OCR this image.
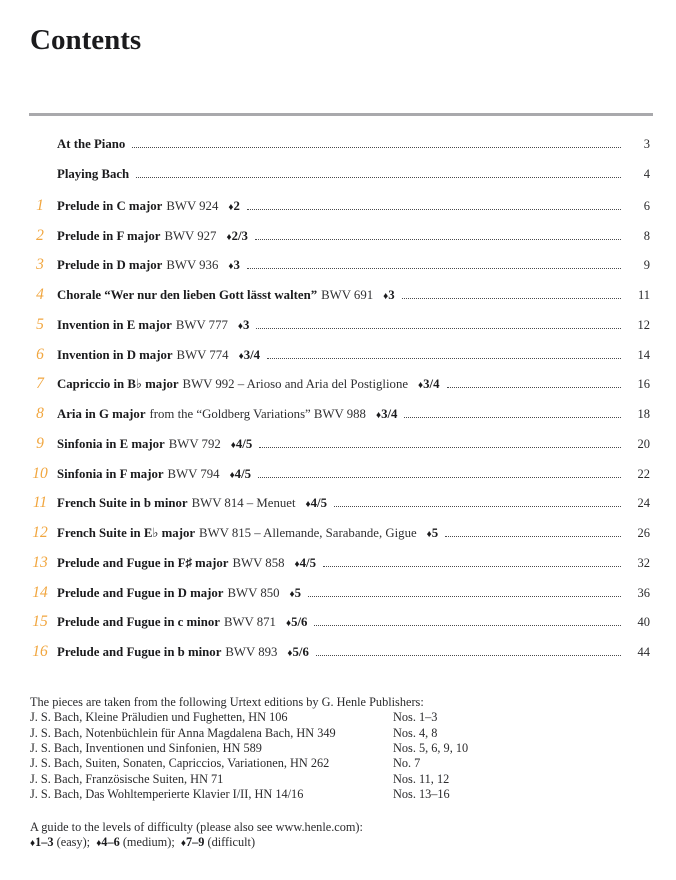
Contents
At the Piano	3
Playing Bach	4
1	Prelude in C major BWV 924 ♦2	6
2	Prelude in F major BWV 927 ♦2/3	8
3	Prelude in D major BWV 936 ♦3	9
4	Chorale “Wer nur den lieben Gott lässt walten” BWV 691 ♦3	11
5	Invention in E major BWV 777 ♦3	12
6	Invention in D major BWV 774 ♦3/4	14
7	Capriccio in B♭ major BWV 992 – Arioso and Aria del Postiglione ♦3/4	16
8	Aria in G major from the “Goldberg Variations” BWV 988 ♦3/4	18
9	Sinfonia in E major BWV 792 ♦4/5	20
10 Sinfonia in F major BWV 794 ♦4/5	22
11 French Suite in b minor BWV 814 – Menuet ♦4/5	24
12 French Suite in E♭ major BWV 815 – Allemande, Sarabande, Gigue ♦5	26
13 Prelude and Fugue in F♯ major BWV 858 ♦4/5	32
14 Prelude and Fugue in D major BWV 850 ♦5	36
15 Prelude and Fugue in c minor BWV 871 ♦5/6	40
16 Prelude and Fugue in b minor BWV 893 ♦5/6	44

The pieces are taken from the following Urtext editions by G. Henle Publishers:

J. S. Bach, Kleine Präludien und Fughetten, HN 106	Nos. 1–3
J. S. Bach, Notenbüchlein für Anna Magdalena Bach, HN 349	Nos. 4, 8
J. S. Bach, Inventionen und Sinfonien, HN 589	Nos. 5, 6, 9, 10
J. S. Bach, Suiten, Sonaten, Capriccios, Variationen, HN 262	No. 7
J. S. Bach, Französische Suiten, HN 71	Nos. 11, 12
J. S. Bach, Das Wohltemperierte Klavier I/II, HN 14/16	Nos. 13–16

A guide to the levels of difficulty (please also see www.henle.com):

♦1–3 (easy); ♦4–6 (medium); ♦7–9 (difficult)
